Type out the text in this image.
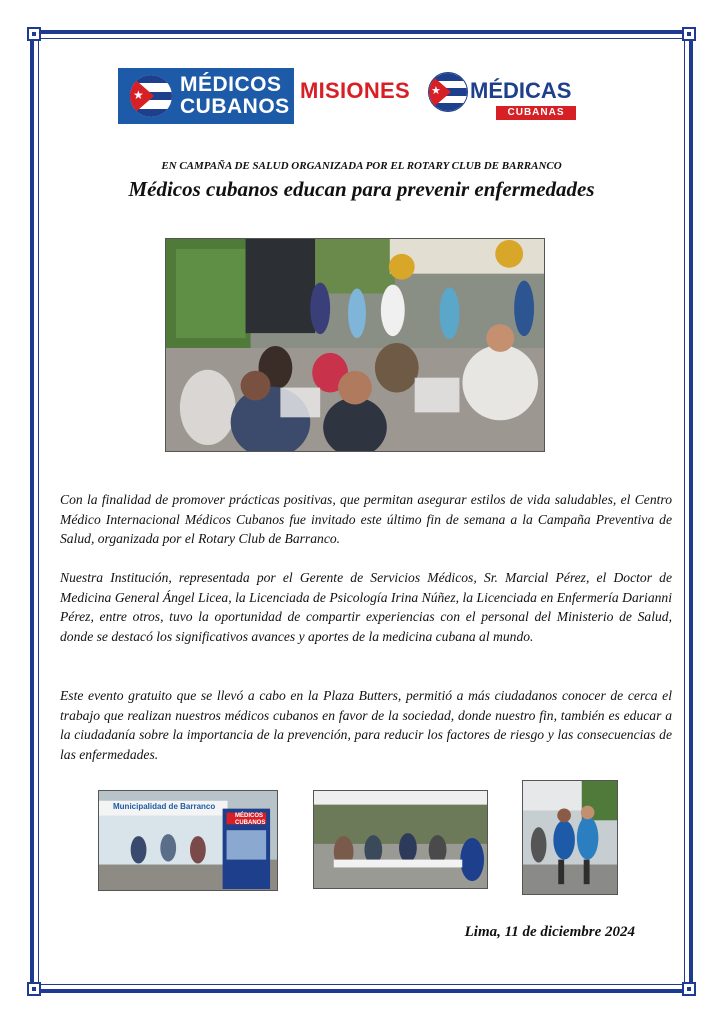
★ MÉDICOS
CUBANOS
MISIONES ★ MÉDICAS
CUBANAS
EN CAMPAÑA DE SALUD ORGANIZADA POR EL ROTARY CLUB DE BARRANCO
Médicos cubanos educan para prevenir enfermedades

Con la finalidad de promover prácticas positivas, que permitan asegurar estilos de vida saludables, el Centro Médico Internacional Médicos Cubanos fue invitado este último fin de semana a la Campaña Preventiva de Salud, organizada por el Rotary Club de Barranco.

Nuestra Institución, representada por el Gerente de Servicios Médicos, Sr. Marcial Pérez, el Doctor de Medicina General Ángel Licea, la Licenciada de Psicología Irina Núñez, la Licenciada en Enfermería Darianni Pérez, entre otros, tuvo la oportunidad de compartir experiencias con el personal del Ministerio de Salud, donde se destacó los significativos avances y aportes de la medicina cubana al mundo.

Este evento gratuito que se llevó a cabo en la Plaza Butters, permitió a más ciudadanos conocer de cerca el trabajo que realizan nuestros médicos cubanos en favor de la sociedad, donde nuestro fin, también es educar a la ciudadanía sobre la importancia de la prevención, para reducir los factores de riesgo y las consecuencias de las enfermedades.

Municipalidad de Barranco
MÉDICOS
CUBANOS
Lima, 11 de diciembre 2024
